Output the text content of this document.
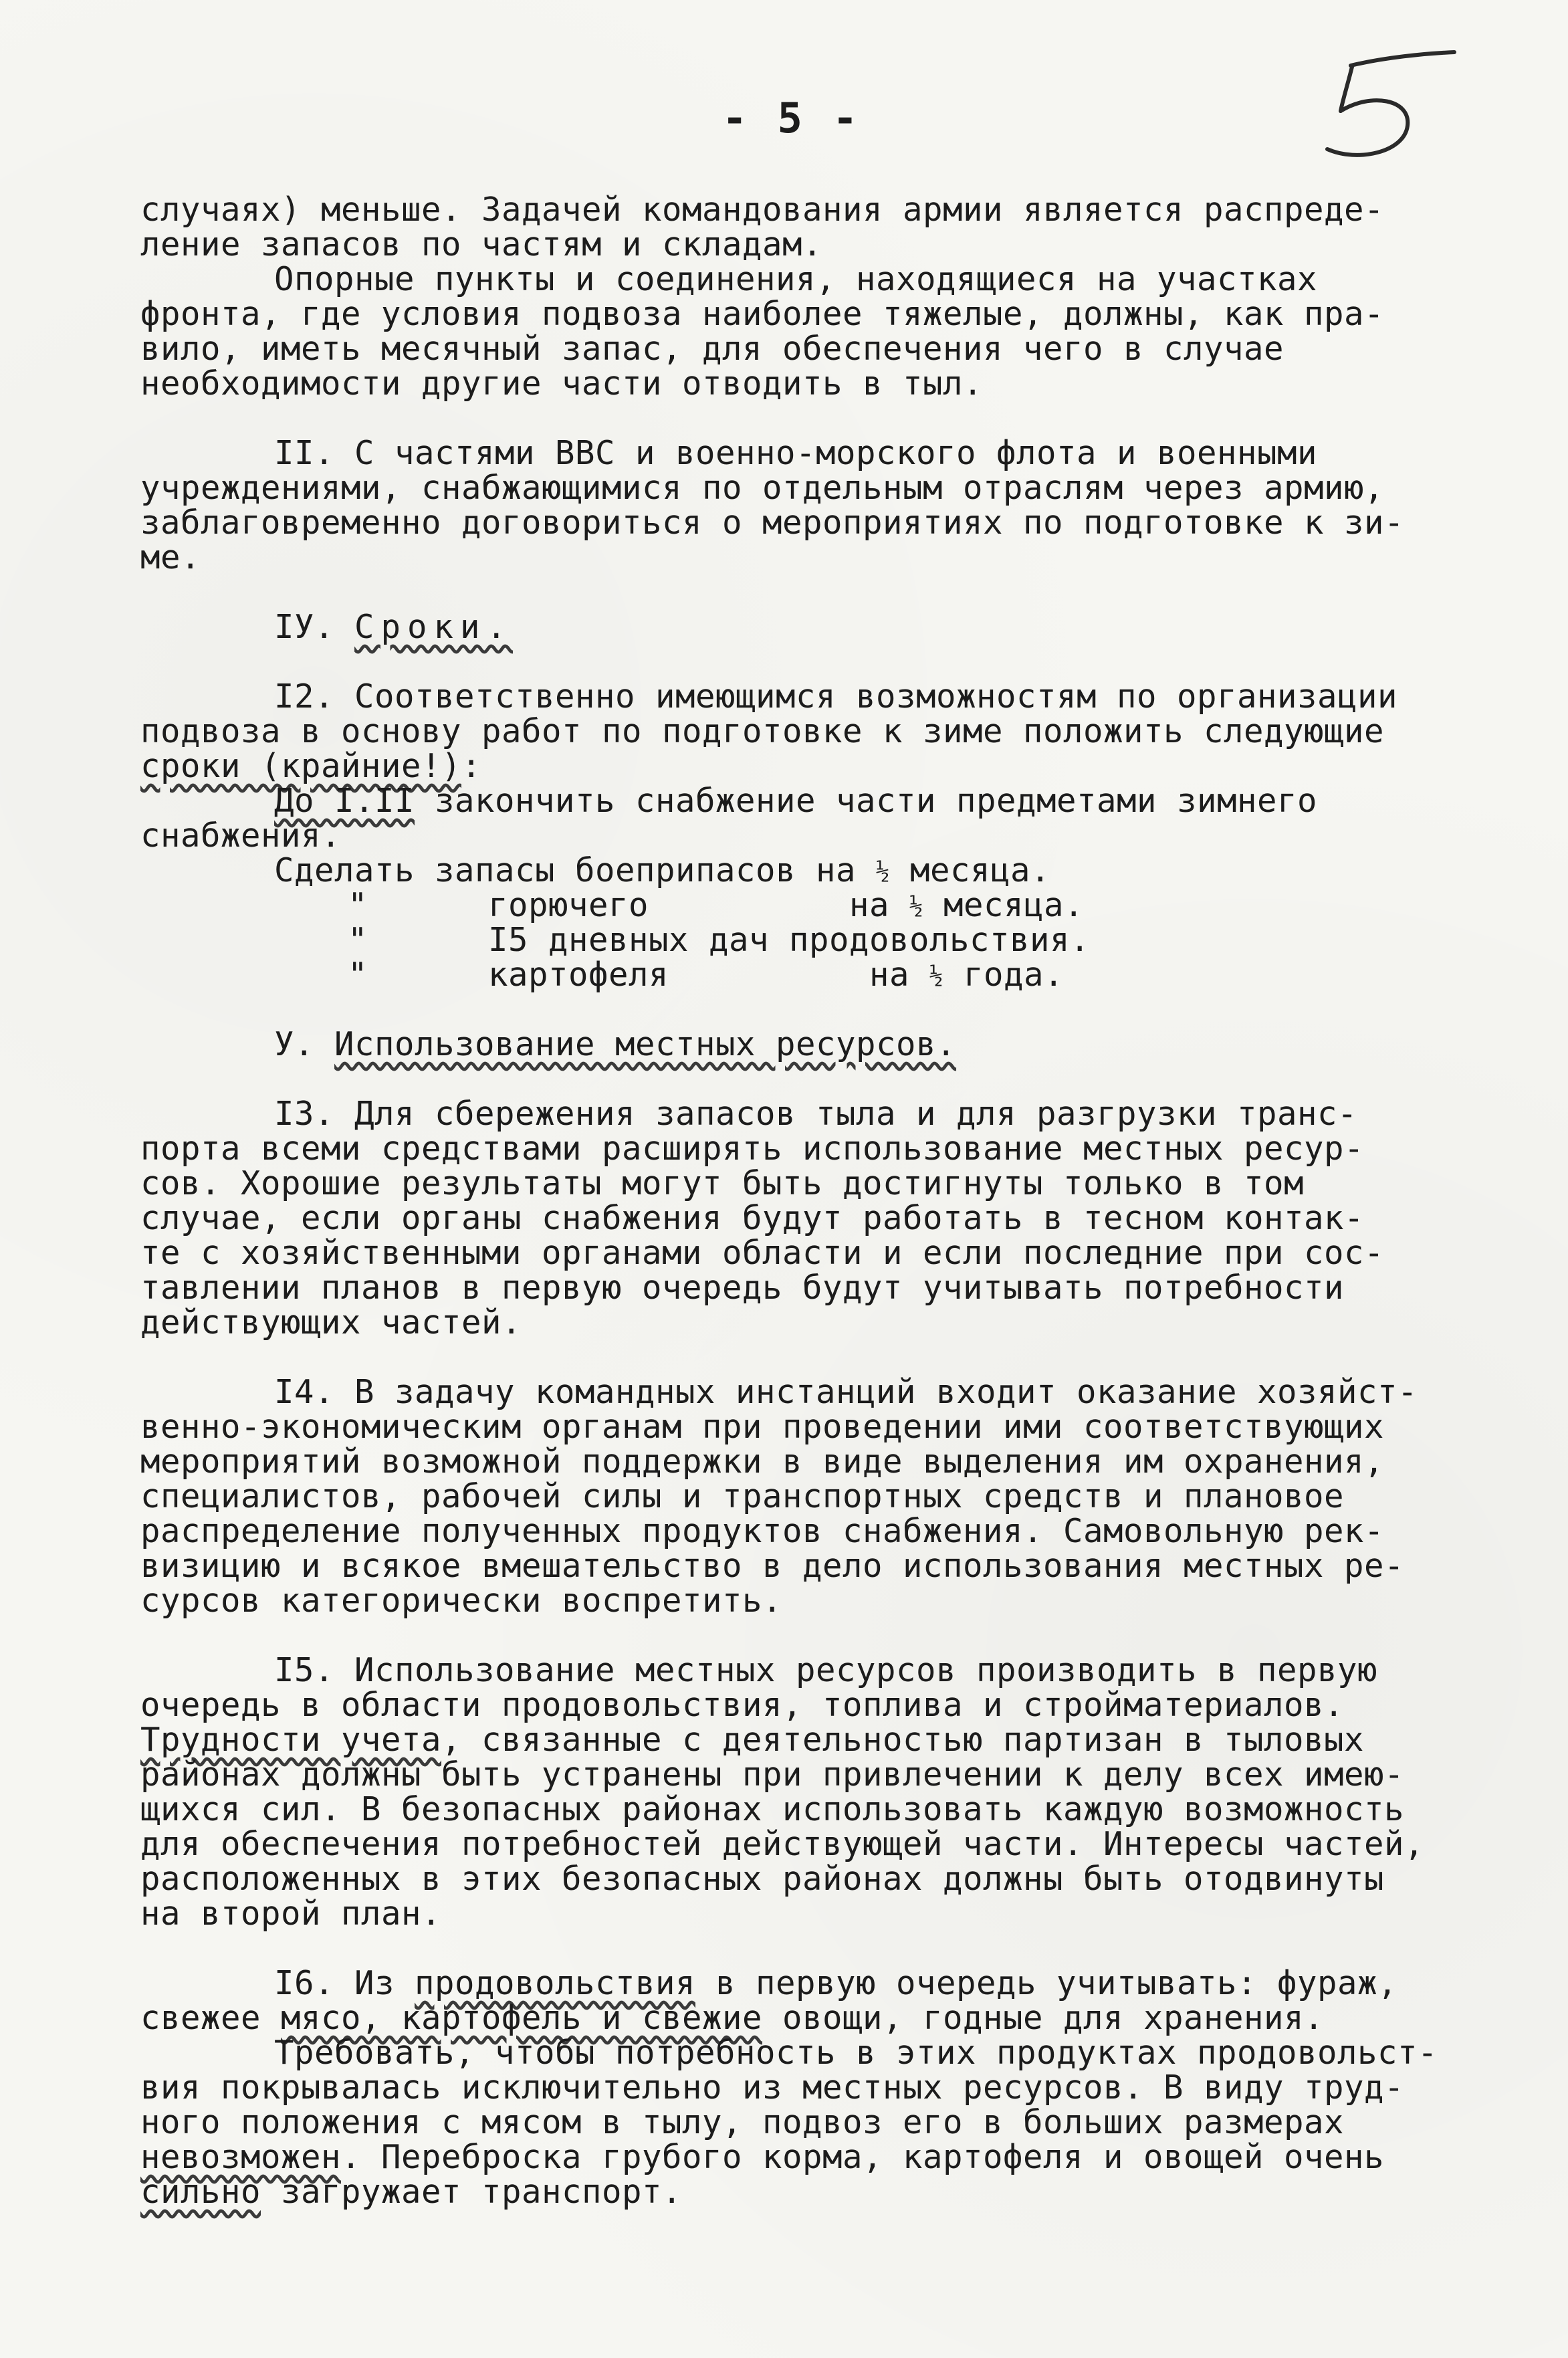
- 5 -
случаях) меньше. Задачей командования армии является распреде-
ление запасов по частям и складам.
Опорные пункты и соединения, находящиеся на участках
фронта, где условия подвоза наиболее тяжелые, должны, как пра-
вило, иметь месячный запас, для обеспечения чего в случае
необходимости другие части отводить в тыл.
II. С частями ВВС и военно-морского флота и военными
учреждениями, снабжающимися по отдельным отраслям через армию,
заблаговременно договориться о мероприятиях по подготовке к зи-
ме.
IУ. Сроки.
I2. Соответственно имеющимся возможностям по организации
подвоза в основу работ по подготовке к зиме положить следующие
сроки (крайние!):
До I.II закончить снабжение части предметами зимнего
снабжения.
Сделать запасы боеприпасов на ½ месяца.
"      горючего          на ½ месяца.
"      I5 дневных дач продовольствия.
"      картофеля          на ½ года.
У. Использование местных ресурсов.
I3. Для сбережения запасов тыла и для разгрузки транс-
порта всеми средствами расширять использование местных ресур-
сов. Хорошие результаты могут быть достигнуты только в том
случае, если органы снабжения будут работать в тесном контак-
те с хозяйственными органами области и если последние при сос-
тавлении планов в первую очередь будут учитывать потребности
действующих частей.
I4. В задачу командных инстанций входит оказание хозяйст-
венно-экономическим органам при проведении ими соответствующих
мероприятий возможной поддержки в виде выделения им охранения,
специалистов, рабочей силы и транспортных средств и плановое
распределение полученных продуктов снабжения. Самовольную рек-
визицию и всякое вмешательство в дело использования местных ре-
сурсов категорически воспретить.
I5. Использование местных ресурсов производить в первую
очередь в области продовольствия, топлива и стройматериалов.
Трудности учета, связанные с деятельностью партизан в тыловых
районах должны быть устранены при привлечении к делу всех имею-
щихся сил. В безопасных районах использовать каждую возможность
для обеспечения потребностей действующей части. Интересы частей,
расположенных в этих безопасных районах должны быть отодвинуты
на второй план.
I6. Из продовольствия в первую очередь учитывать: фураж,
свежее мясо, картофель и свежие овощи, годные для хранения.
Требовать, чтобы потребность в этих продуктах продовольст-
вия покрывалась исключительно из местных ресурсов. В виду труд-
ного положения с мясом в тылу, подвоз его в больших размерах
невозможен. Переброска грубого корма, картофеля и овощей очень
сильно загружает транспорт.
